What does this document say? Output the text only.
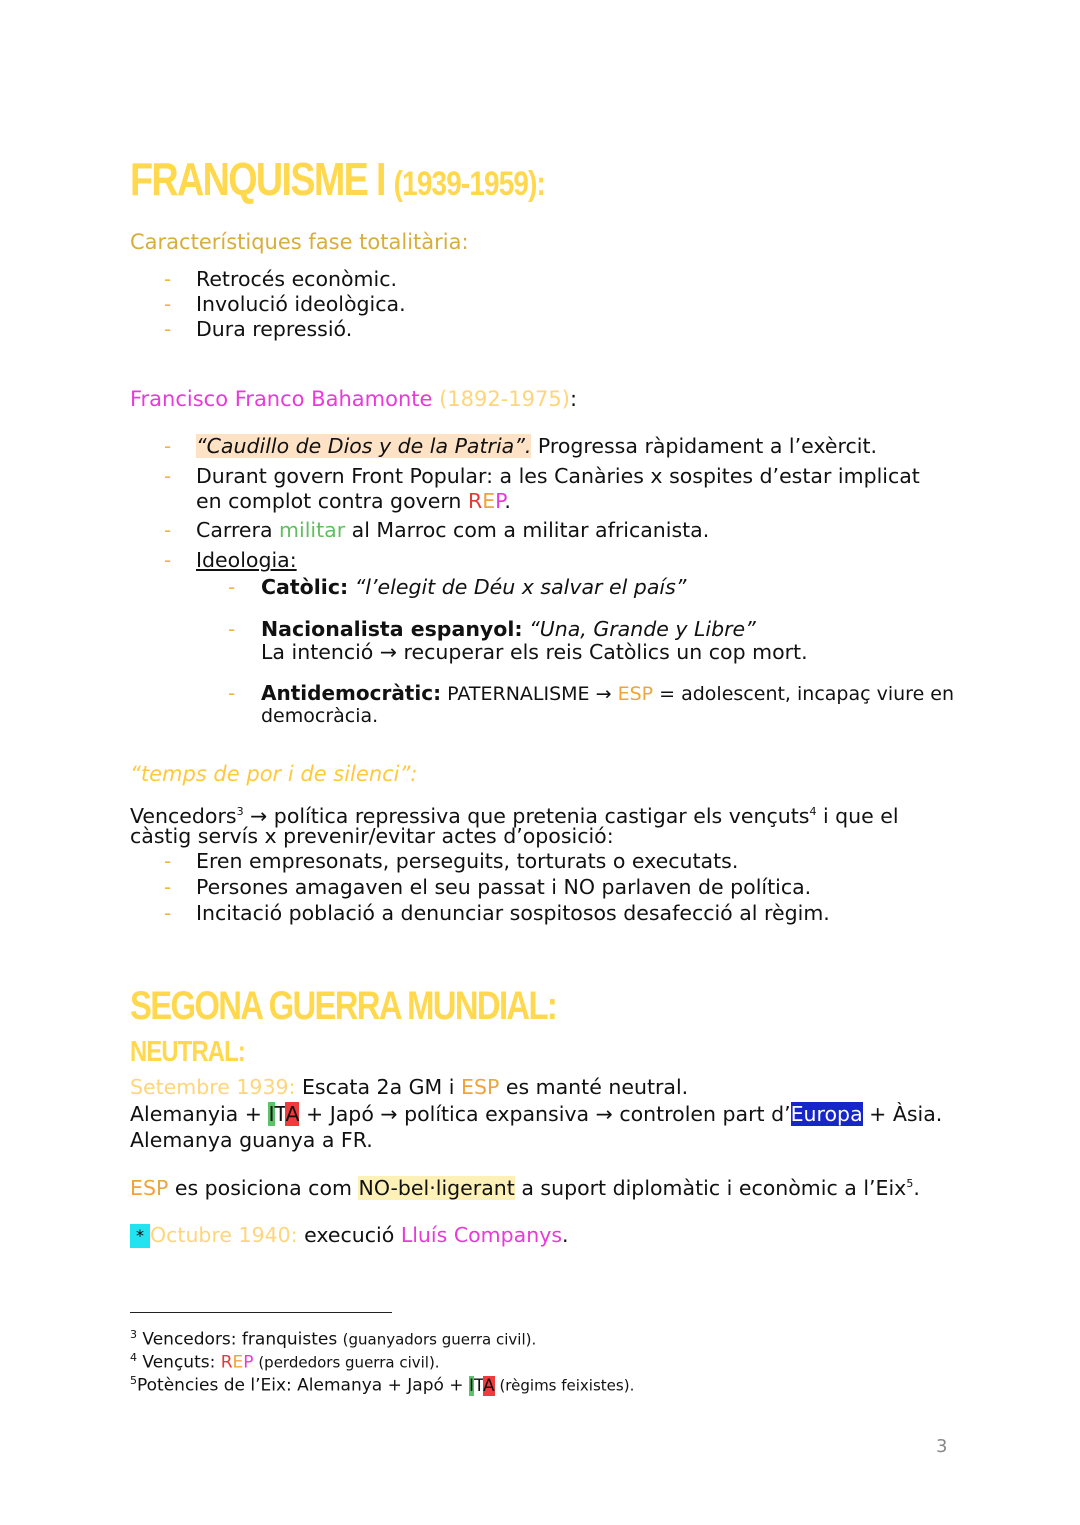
FRANQUISME I (1939-1959):
Característiques fase totalitària:
- Retrocés econòmic.
- Involució ideològica.
- Dura repressió.
Francisco Franco Bahamonte (1892-1975):
- “Caudillo de Dios y de la Patria”. Progressa ràpidament a l’exèrcit.
- Durant govern Front Popular: a les Canàries x sospites d’estar implicat
en complot contra govern REP.
- Carrera militar al Marroc com a militar africanista.
- Ideologia:
- Catòlic: “l’elegit de Déu x salvar el país”
- Nacionalista espanyol: “Una, Grande y Libre”
La intenció → recuperar els reis Catòlics un cop mort.
- Antidemocràtic: PATERNALISME → ESP = adolescent, incapaç viure en
democràcia.
“temps de por i de silenci”:
Vencedors$^3$ → política repressiva que pretenia castigar els vençuts$^4$ i que el
càstig servís x prevenir/evitar actes d’oposició:
- Eren empresonats, perseguits, torturats o executats.
- Persones amagaven el seu passat i NO parlaven de política.
- Incitació població a denunciar sospitosos desafecció al règim.
SEGONA GUERRA MUNDIAL:
NEUTRAL:
Setembre 1939: Escata 2a GM i ESP es manté neutral.
Alemanyia + ITA + Japó → política expansiva → controlen part d’Europa + Àsia.
Alemanya guanya a FR.
ESP es posiciona com NO-bel·ligerant a suport diplomàtic i econòmic a l’Eix$^5$.
* Octubre 1940: execució Lluís Companys.
$^3$ Vencedors: franquistes (guanyadors guerra civil).
$^4$ Vençuts: REP (perdedors guerra civil).
$^5$Potències de l’Eix: Alemanya + Japó + ITA (règims feixistes).
3
